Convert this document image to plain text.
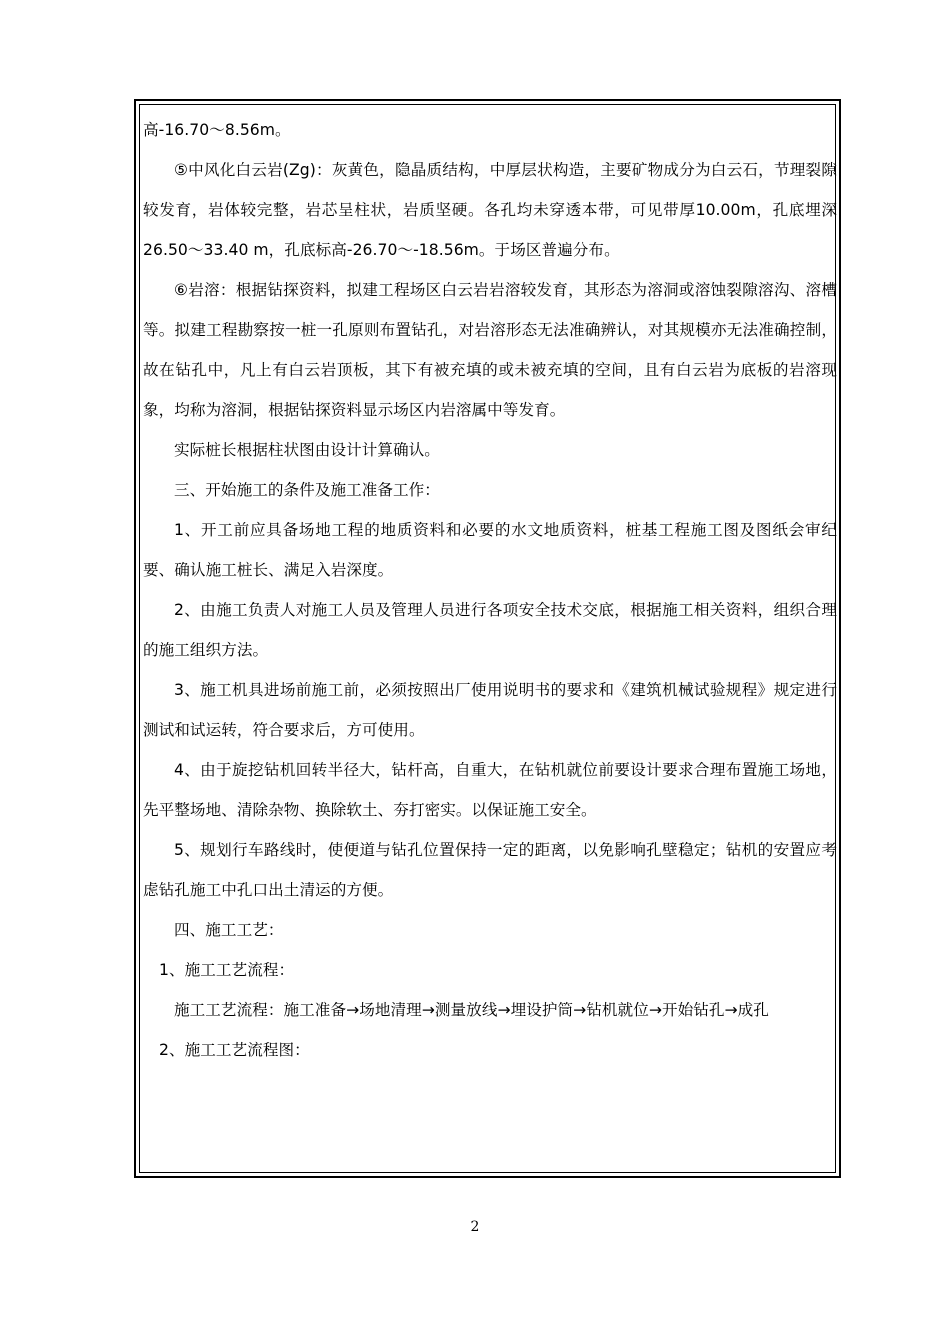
高-16.70～8.56m。

⑤中风化白云岩(Zg)：灰黄色，隐晶质结构，中厚层状构造，主要矿物成分为白云石，节理裂隙较发育，岩体较完整，岩芯呈柱状，岩质坚硬。各孔均未穿透本带，可见带厚10.00m，孔底埋深26.50～33.40 m，孔底标高-26.70～-18.56m。于场区普遍分布。

⑥岩溶：根据钻探资料，拟建工程场区白云岩岩溶较发育，其形态为溶洞或溶蚀裂隙溶沟、溶槽等。拟建工程勘察按一桩一孔原则布置钻孔，对岩溶形态无法准确辨认，对其规模亦无法准确控制，故在钻孔中，凡上有白云岩顶板，其下有被充填的或未被充填的空间，且有白云岩为底板的岩溶现象，均称为溶洞，根据钻探资料显示场区内岩溶属中等发育。

实际桩长根据柱状图由设计计算确认。

三、开始施工的条件及施工准备工作：

1、开工前应具备场地工程的地质资料和必要的水文地质资料，桩基工程施工图及图纸会审纪要、确认施工桩长、满足入岩深度。

2、由施工负责人对施工人员及管理人员进行各项安全技术交底，根据施工相关资料，组织合理的施工组织方法。

3、施工机具进场前施工前，必须按照出厂使用说明书的要求和《建筑机械试验规程》规定进行测试和试运转，符合要求后，方可使用。

4、由于旋挖钻机回转半径大，钻杆高，自重大，在钻机就位前要设计要求合理布置施工场地，先平整场地、清除杂物、换除软土、夯打密实。以保证施工安全。

5、规划行车路线时，使便道与钻孔位置保持一定的距离，以免影响孔壁稳定；钻机的安置应考虑钻孔施工中孔口出土清运的方便。

四、施工工艺：

1、施工工艺流程：

施工工艺流程：施工准备→场地清理→测量放线→埋设护筒→钻机就位→开始钻孔→成孔

2、施工工艺流程图：

2
